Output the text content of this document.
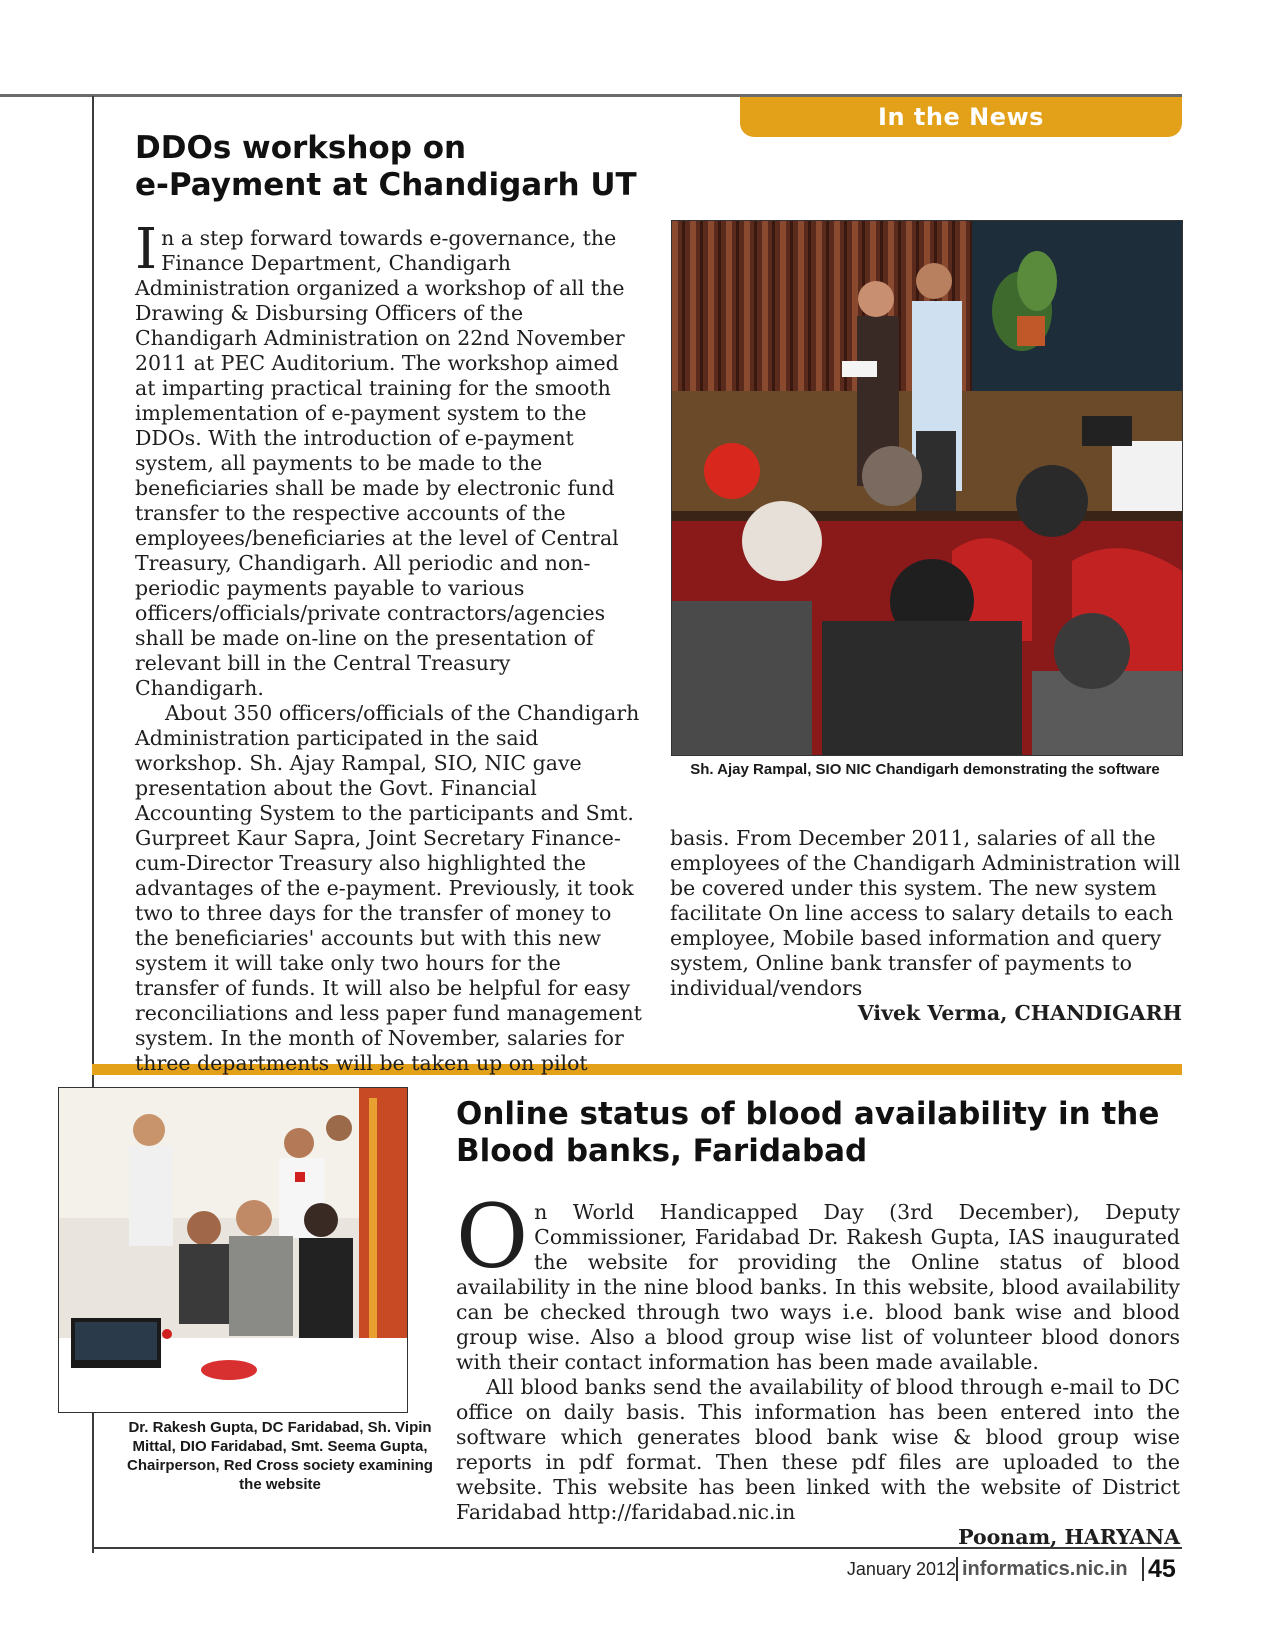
In the News
DDOs workshop on
e-Payment at Chandigarh UT

In a step forward towards e-governance, the Finance Department, Chandigarh Administration organized a workshop of all the Drawing & Disbursing Officers of the Chandigarh Administration on 22nd November 2011 at PEC Auditorium. The workshop aimed at imparting practical training for the smooth implementation of e-payment system to the DDOs. With the introduction of e-payment system, all payments to be made to the beneficiaries shall be made by electronic fund transfer to the respective accounts of the employees/beneficiaries at the level of Central Treasury, Chandigarh. All periodic and non-periodic payments payable to various officers/officials/private contractors/agencies shall be made on-line on the presentation of relevant bill in the Central Treasury Chandigarh.

About 350 officers/officials of the Chandigarh Administration participated in the said workshop. Sh. Ajay Rampal, SIO, NIC gave presentation about the Govt. Financial Accounting System to the participants and Smt. Gurpreet Kaur Sapra, Joint Secretary Finance-cum-Director Treasury also highlighted the advantages of the e-payment. Previously, it took two to three days for the transfer of money to the beneficiaries' accounts but with this new system it will take only two hours for the transfer of funds. It will also be helpful for easy reconciliations and less paper fund management system. In the month of November, salaries for three departments will be taken up on pilot

Sh. Ajay Rampal, SIO NIC Chandigarh demonstrating the software

basis. From December 2011, salaries of all the employees of the Chandigarh Administration will be covered under this system. The new system facilitate On line access to salary details to each employee, Mobile based information and query system, Online bank transfer of payments to individual/vendors

Vivek Verma, CHANDIGARH

Dr. Rakesh Gupta, DC Faridabad, Sh. Vipin Mittal, DIO Faridabad, Smt. Seema Gupta, Chairperson, Red Cross society examining the website
Online status of blood availability in the
Blood banks, Faridabad

On World Handicapped Day (3rd December), Deputy Commissioner, Faridabad Dr. Rakesh Gupta, IAS inaugurated the website for providing the Online status of blood availability in the nine blood banks. In this website, blood availability can be checked through two ways i.e. blood bank wise and blood group wise. Also a blood group wise list of volunteer blood donors with their contact information has been made available.

All blood banks send the availability of blood through e-mail to DC office on daily basis. This information has been entered into the software which generates blood bank wise & blood group wise reports in pdf format. Then these pdf files are uploaded to the website. This website has been linked with the website of District Faridabad http://faridabad.nic.in

Poonam, HARYANA

January 2012 informatics.nic.in 45
